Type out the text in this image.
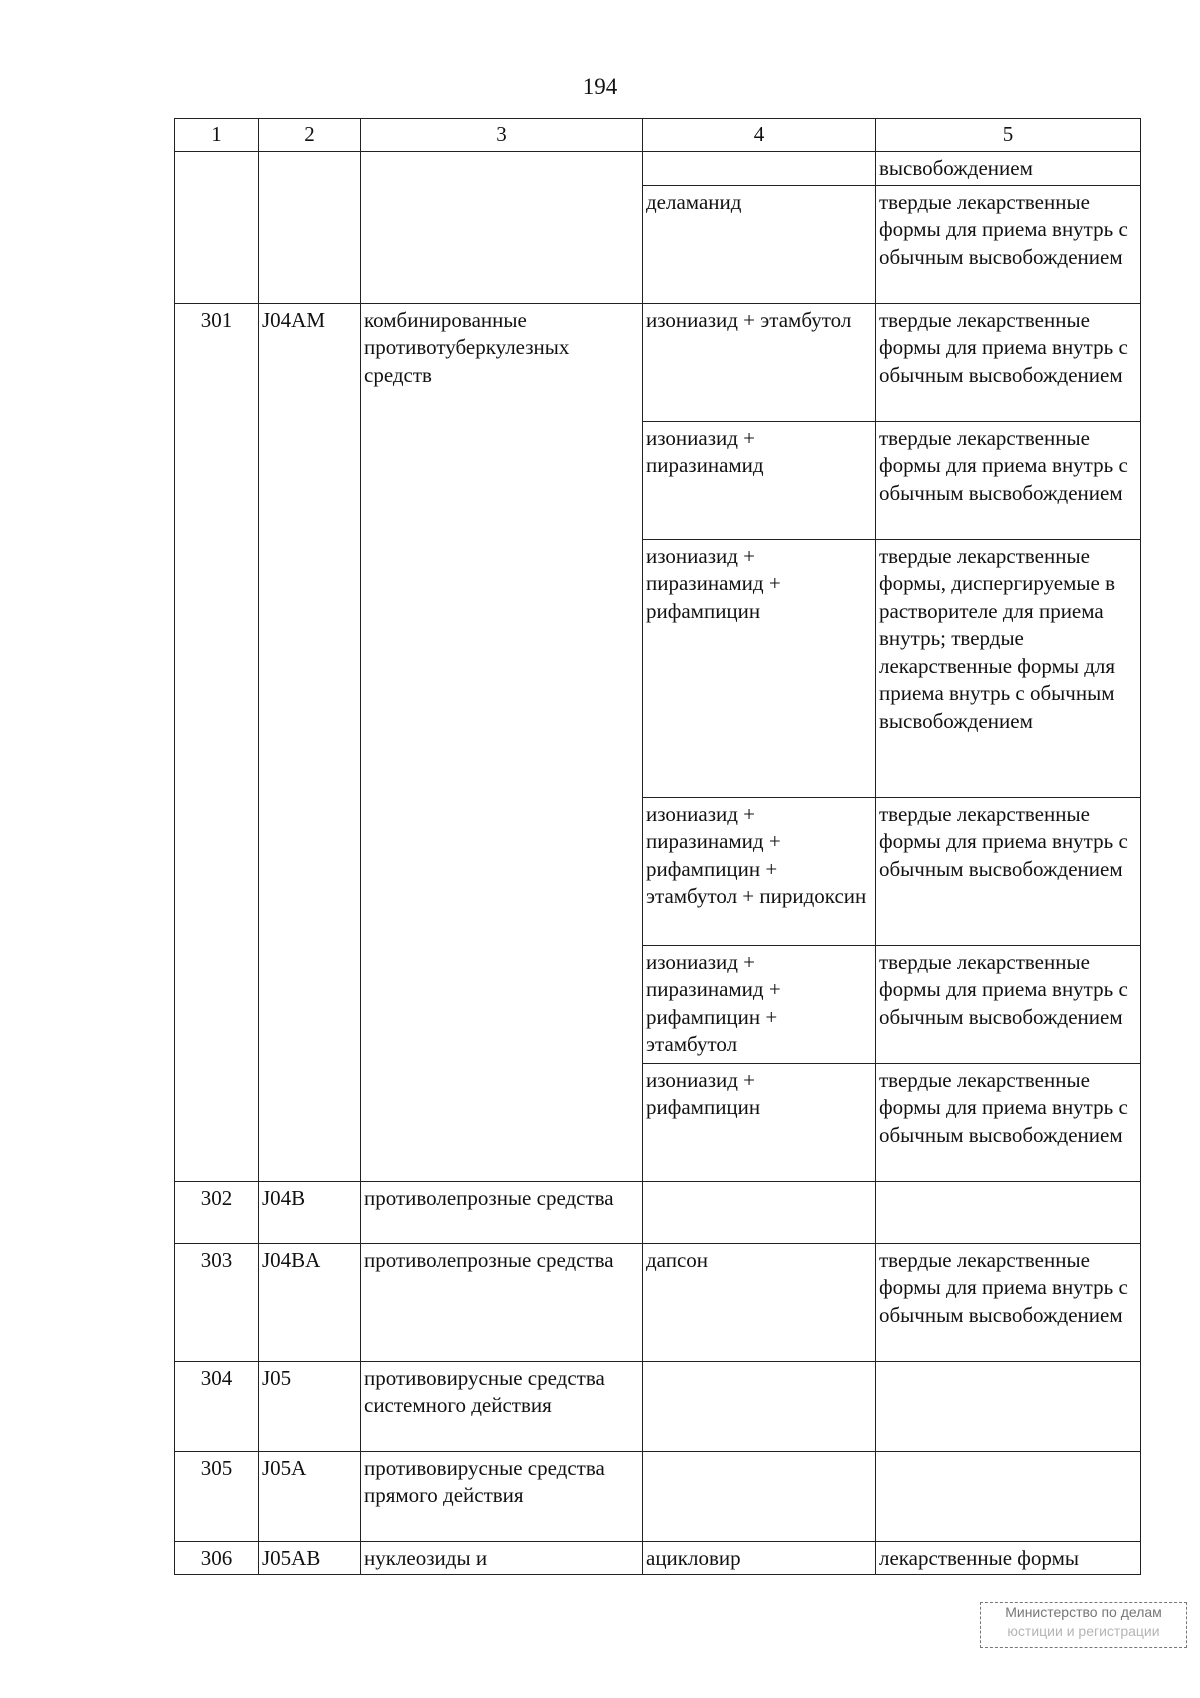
194
1	2	3	4	5
				высвобождением
			деламанид	твердые лекарственные формы для приема внутрь с обычным высвобождением
301	J04AM	комбинированные противотуберкулезных средств	изониазид + этамбутол	твердые лекарственные формы для приема внутрь с обычным высвобождением
			изониазид + пиразинамид	твердые лекарственные формы для приема внутрь с обычным высвобождением
			изониазид + пиразинамид + рифампицин	твердые лекарственные формы, диспергируемые в растворителе для приема внутрь; твердые лекарственные формы для приема внутрь с обычным высвобождением
			изониазид + пиразинамид + рифампицин + этамбутол + пиридоксин	твердые лекарственные формы для приема внутрь с обычным высвобождением
			изониазид + пиразинамид + рифампицин + этамбутол	твердые лекарственные формы для приема внутрь с обычным высвобождением
			изониазид + рифампицин	твердые лекарственные формы для приема внутрь с обычным высвобождением
302	J04B	противолепрозные средства		
303	J04BA	противолепрозные средства	дапсон	твердые лекарственные формы для приема внутрь с обычным высвобождением
304	J05	противовирусные средства системного действия		
305	J05A	противовирусные средства прямого действия		
306	J05AB	нуклеозиды и	ацикловир	лекарственные формы
Министерство по делам
юстиции и регистрации
